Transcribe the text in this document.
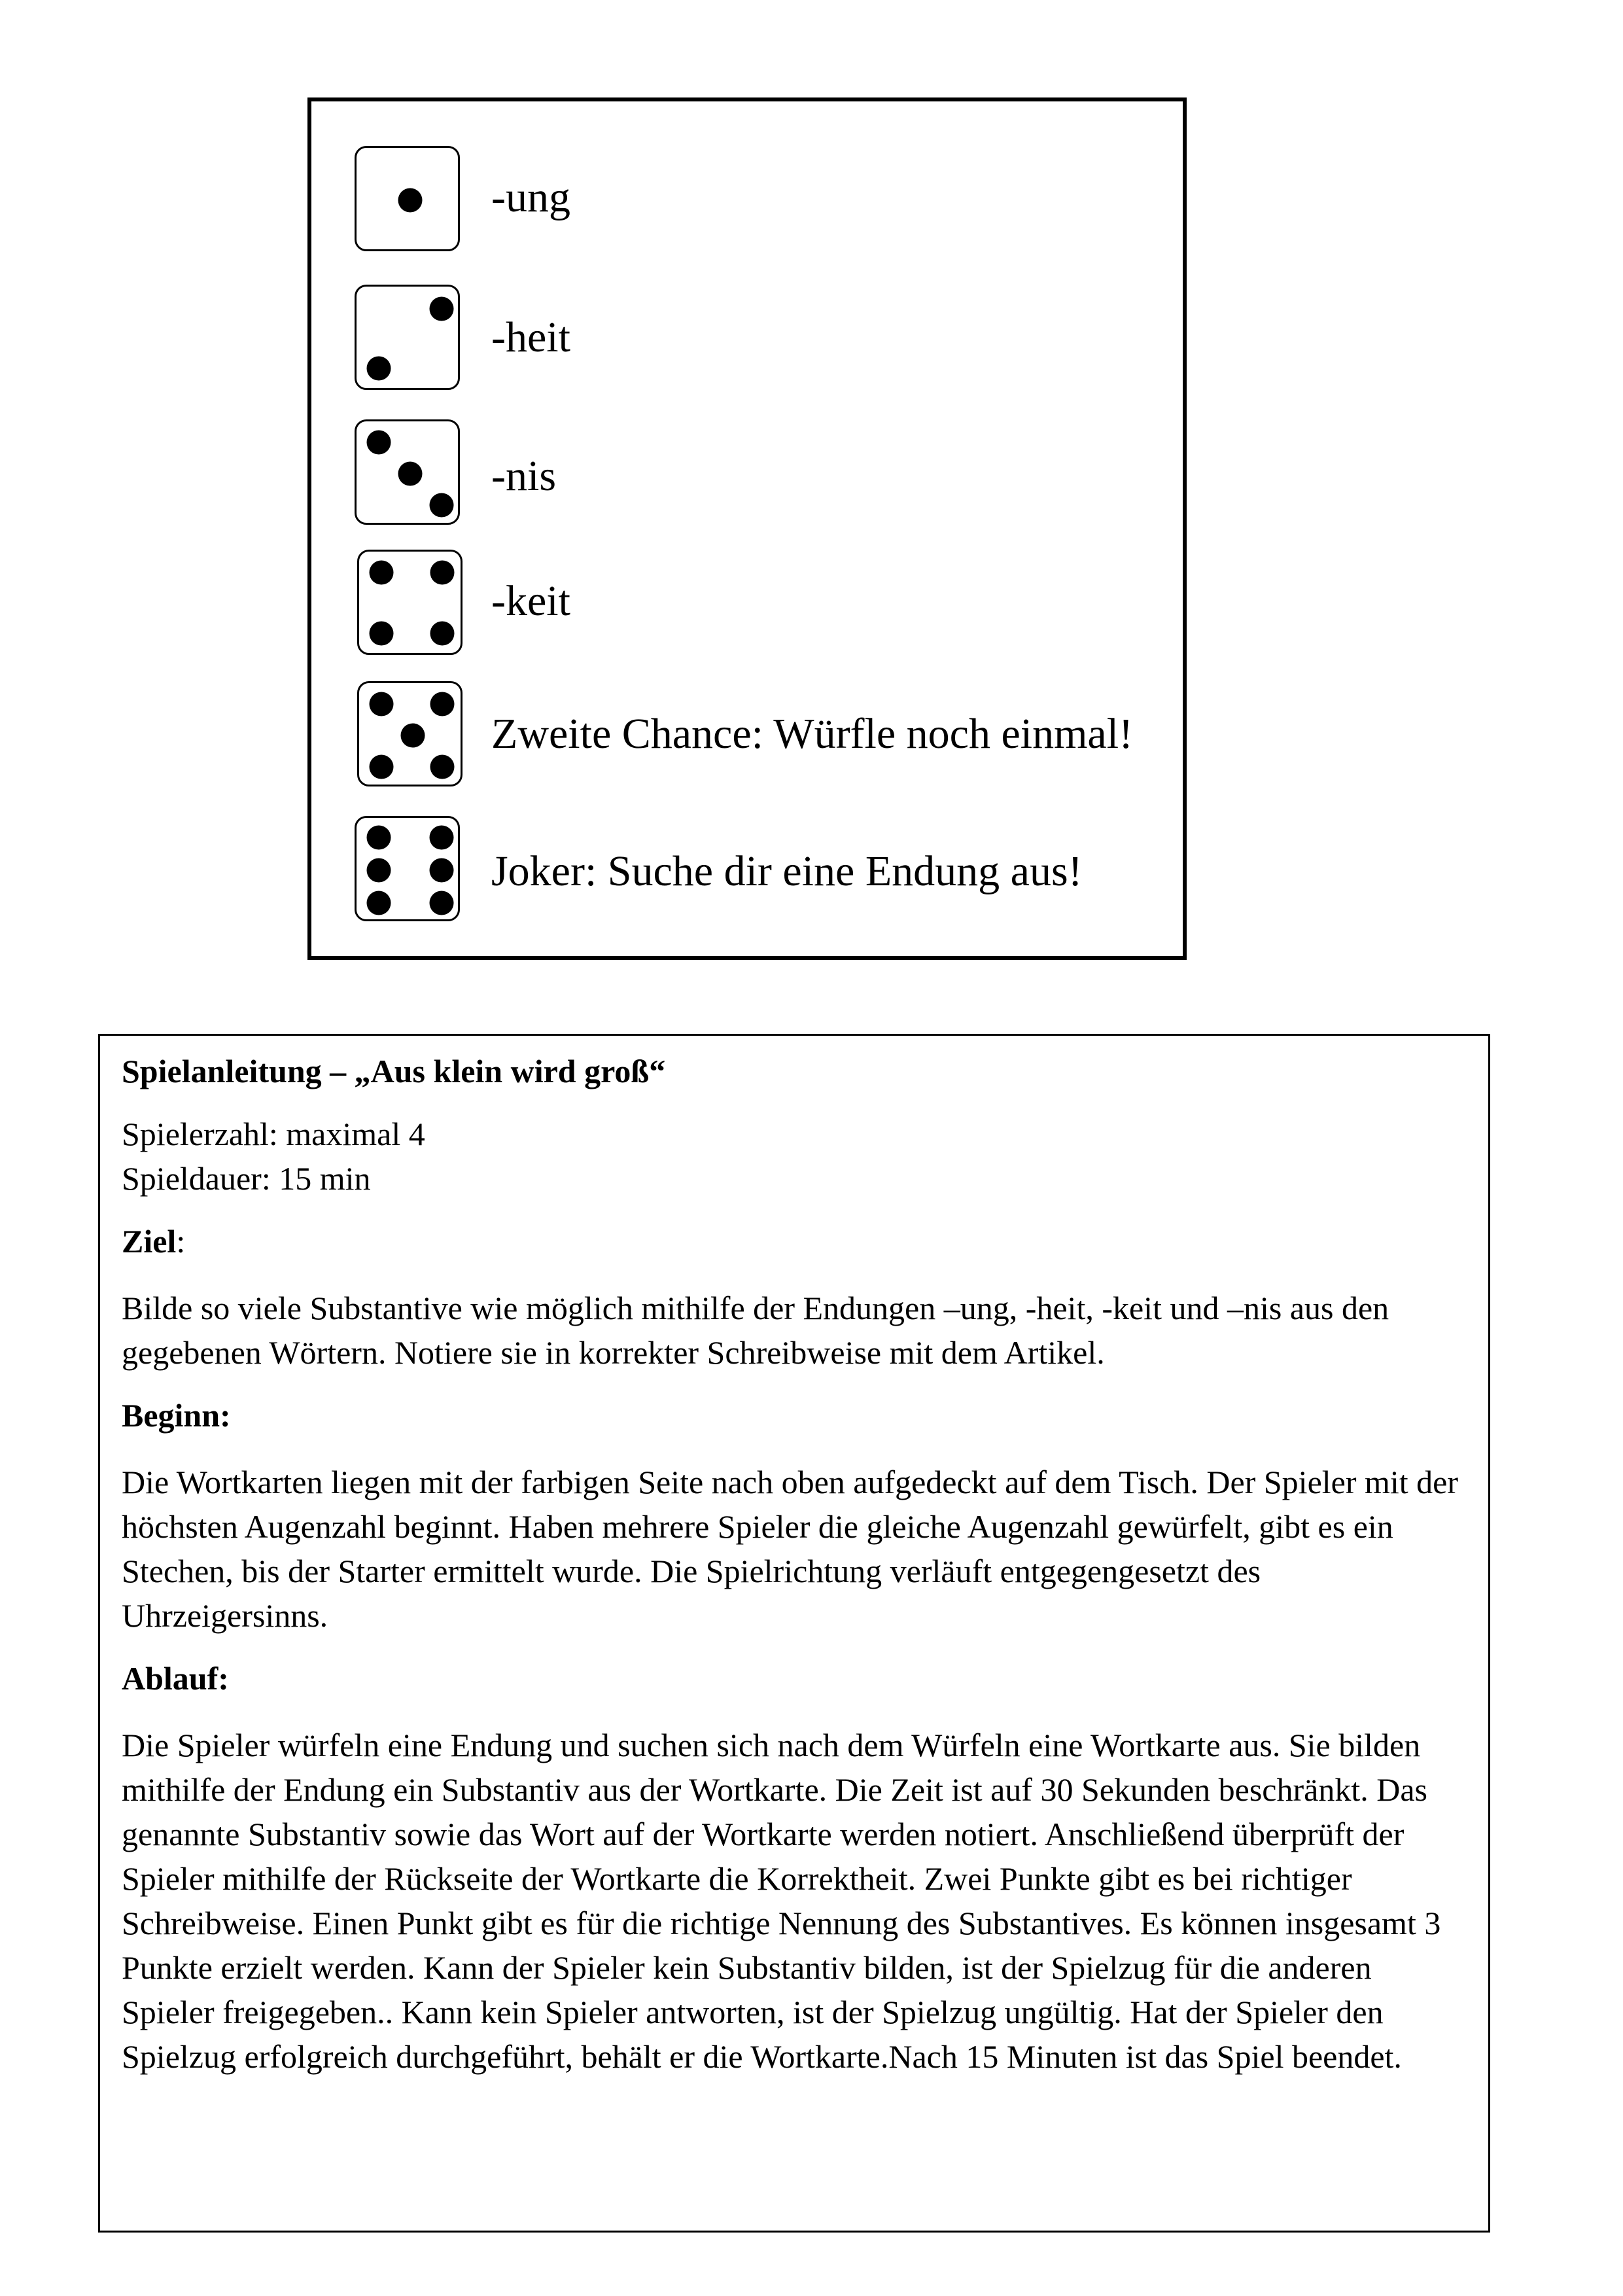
-ung
-heit
-nis
-keit
Zweite Chance: Würfle noch einmal!
Joker: Suche dir eine Endung aus!

Spielanleitung – „Aus klein wird groß“

Spielerzahl: maximal 4

Spieldauer: 15 min

Ziel:

Bilde so viele Substantive wie möglich mithilfe der Endungen –ung, -heit, -keit und –nis aus den gegebenen Wörtern. Notiere sie in korrekter Schreibweise mit dem Artikel.

Beginn:

Die Wortkarten liegen mit der farbigen Seite nach oben aufgedeckt auf dem Tisch. Der Spieler mit der höchsten Augenzahl beginnt. Haben mehrere Spieler die gleiche Augenzahl gewürfelt, gibt es ein Stechen, bis der Starter ermittelt wurde. Die Spielrichtung verläuft entgegengesetzt des Uhrzeigersinns.

Ablauf:

Die Spieler würfeln eine Endung und suchen sich nach dem Würfeln eine Wortkarte aus. Sie bilden mithilfe der Endung ein Substantiv aus der Wortkarte. Die Zeit ist auf 30 Sekunden beschränkt. Das genannte Substantiv sowie das Wort auf der Wortkarte werden notiert. Anschließend überprüft der Spieler mithilfe der Rückseite der Wortkarte die Korrektheit. Zwei Punkte gibt es bei richtiger Schreibweise. Einen Punkt gibt es für die richtige Nennung des Substantives. Es können insgesamt 3 Punkte erzielt werden. Kann der Spieler kein Substantiv bilden, ist der Spielzug für die anderen Spieler freigegeben.. Kann kein Spieler antworten, ist der Spielzug ungültig. Hat der Spieler den Spielzug erfolgreich durchgeführt, behält er die Wortkarte.Nach 15 Minuten ist das Spiel beendet.
